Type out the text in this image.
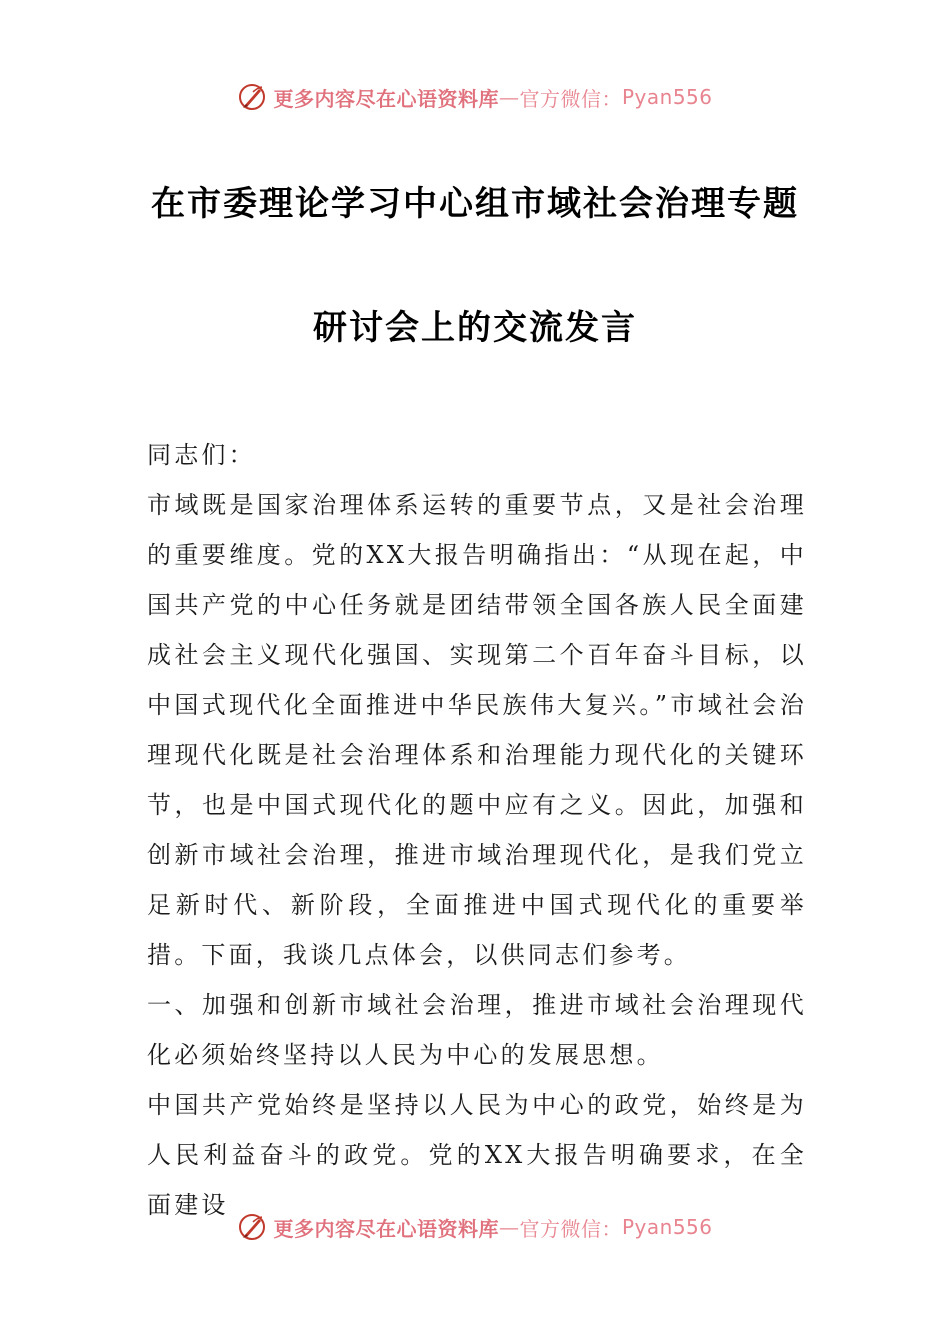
更多内容尽在心语资料库 — 官方微信： Pyan556
在市委理论学习中心组市域社会治理专题
研讨会上的交流发言

同志们：

市域既是国家治理体系运转的重要节点，又是社会治理的重要维度。党的XX大报告明确指出：“从现在起，中国共产党的中心任务就是团结带领全国各族人民全面建成社会主义现代化强国、实现第二个百年奋斗目标，以中国式现代化全面推进中华民族伟大复兴。”市域社会治理现代化既是社会治理体系和治理能力现代化的关键环节，也是中国式现代化的题中应有之义。因此，加强和创新市域社会治理，推进市域治理现代化，是我们党立足新时代、新阶段，全面推进中国式现代化的重要举措。下面，我谈几点体会，以供同志们参考。

一、加强和创新市域社会治理，推进市域社会治理现代化必须始终坚持以人民为中心的发展思想。

中国共产党始终是坚持以人民为中心的政党，始终是为人民利益奋斗的政党。党的XX大报告明确要求，在全面建设

更多内容尽在心语资料库 — 官方微信： Pyan556
